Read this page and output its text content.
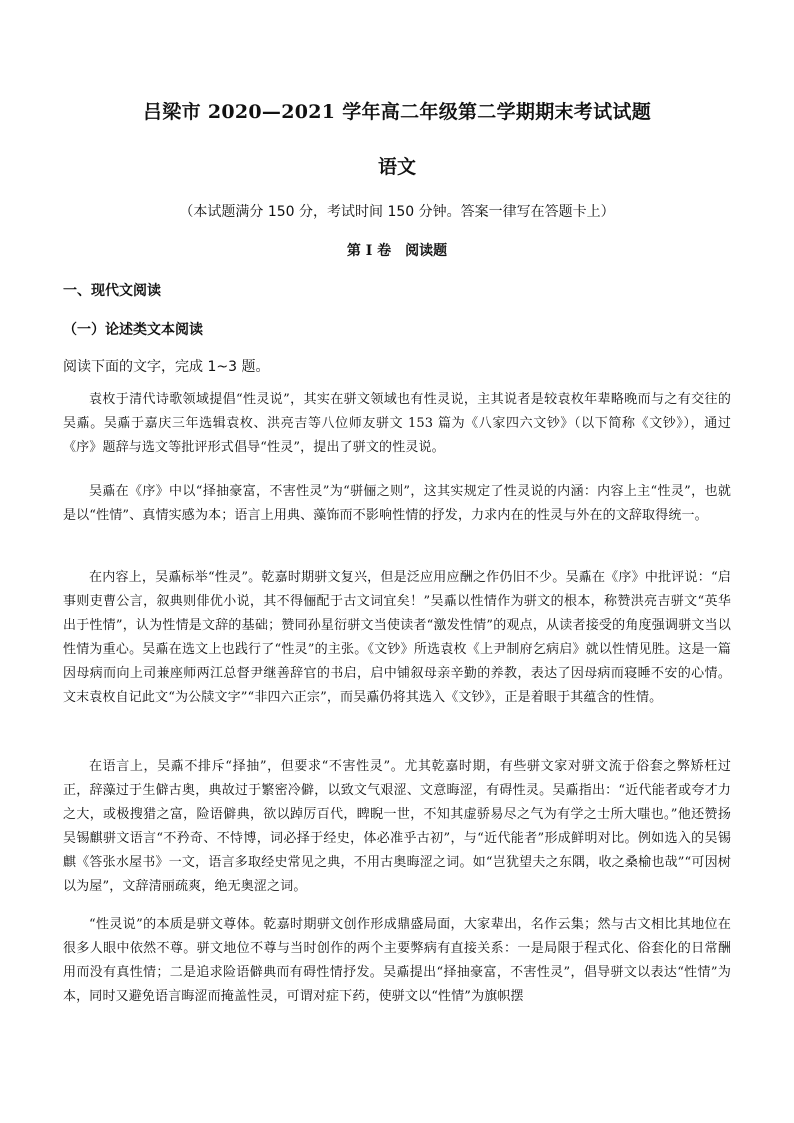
吕梁市 2020—2021 学年高二年级第二学期期末考试试题
语文
（本试题满分 150 分，考试时间 150 分钟。答案一律写在答题卡上）
第 I 卷　阅读题
一、现代文阅读
（一）论述类文本阅读
阅读下面的文字，完成 1~3 题。

袁枚于清代诗歌领域提倡“性灵说”，其实在骈文领域也有性灵说，主其说者是较袁枚年辈略晚而与之有交往的吴鼒。吴鼒于嘉庆三年选辑袁枚、洪亮吉等八位师友骈文 153 篇为《八家四六文钞》（以下简称《文钞》），通过《序》题辞与选文等批评形式倡导“性灵”，提出了骈文的性灵说。

吴鼒在《序》中以“择抽豪富，不害性灵”为“骈俪之则”，这其实规定了性灵说的内涵：内容上主“性灵”，也就是以“性情”、真情实感为本；语言上用典、藻饰而不影响性情的抒发，力求内在的性灵与外在的文辞取得统一。

在内容上，吴鼒标举“性灵”。乾嘉时期骈文复兴，但是泛应用应酬之作仍旧不少。吴鼒在《序》中批评说：“启事则吏曹公言，叙典则俳优小说，其不得俪配于古文词宜矣！”吴鼒以性情作为骈文的根本，称赞洪亮吉骈文“英华出于性情”，认为性情是文辞的基础；赞同孙星衍骈文当使读者“激发性情”的观点，从读者接受的角度强调骈文当以性情为重心。吴鼒在选文上也践行了“性灵”的主张。《文钞》所选袁枚《上尹制府乞病启》就以性情见胜。这是一篇因母病而向上司兼座师两江总督尹继善辞官的书启，启中铺叙母亲辛勤的养教，表达了因母病而寝睡不安的心情。文末袁枚自记此文“为公牍文字”“非四六正宗”，而吴鼒仍将其选入《文钞》，正是着眼于其蕴含的性情。

在语言上，吴鼒不排斥“择抽”，但要求“不害性灵”。尤其乾嘉时期，有些骈文家对骈文流于俗套之弊矫枉过正，辞藻过于生僻古奥，典故过于繁密冷僻，以致文气艰涩、文意晦涩，有碍性灵。吴鼒指出：“近代能者或夸才力之大，或极搜猎之富，险语僻典，欲以踔厉百代，睥睨一世，不知其虚骄易尽之气为有学之士所大嗤也。”他还赞扬吴锡麒骈文语言“不矜奇、不恃博，词必择于经史，体必准乎古初”，与“近代能者”形成鲜明对比。例如选入的吴锡麒《答张水屋书》一文，语言多取经史常见之典，不用古奥晦涩之词。如“岂犹望夫之东隅，收之桑榆也哉”“可因树以为屋”，文辞清丽疏爽，绝无奥涩之词。

“性灵说”的本质是骈文尊体。乾嘉时期骈文创作形成鼎盛局面，大家辈出，名作云集；然与古文相比其地位在很多人眼中依然不尊。骈文地位不尊与当时创作的两个主要弊病有直接关系：一是局限于程式化、俗套化的日常酬用而没有真性情；二是追求险语僻典而有碍性情抒发。吴鼒提出“择抽豪富，不害性灵”，倡导骈文以表达“性情”为本，同时又避免语言晦涩而掩盖性灵，可谓对症下药，使骈文以“性情”为旗帜摆
